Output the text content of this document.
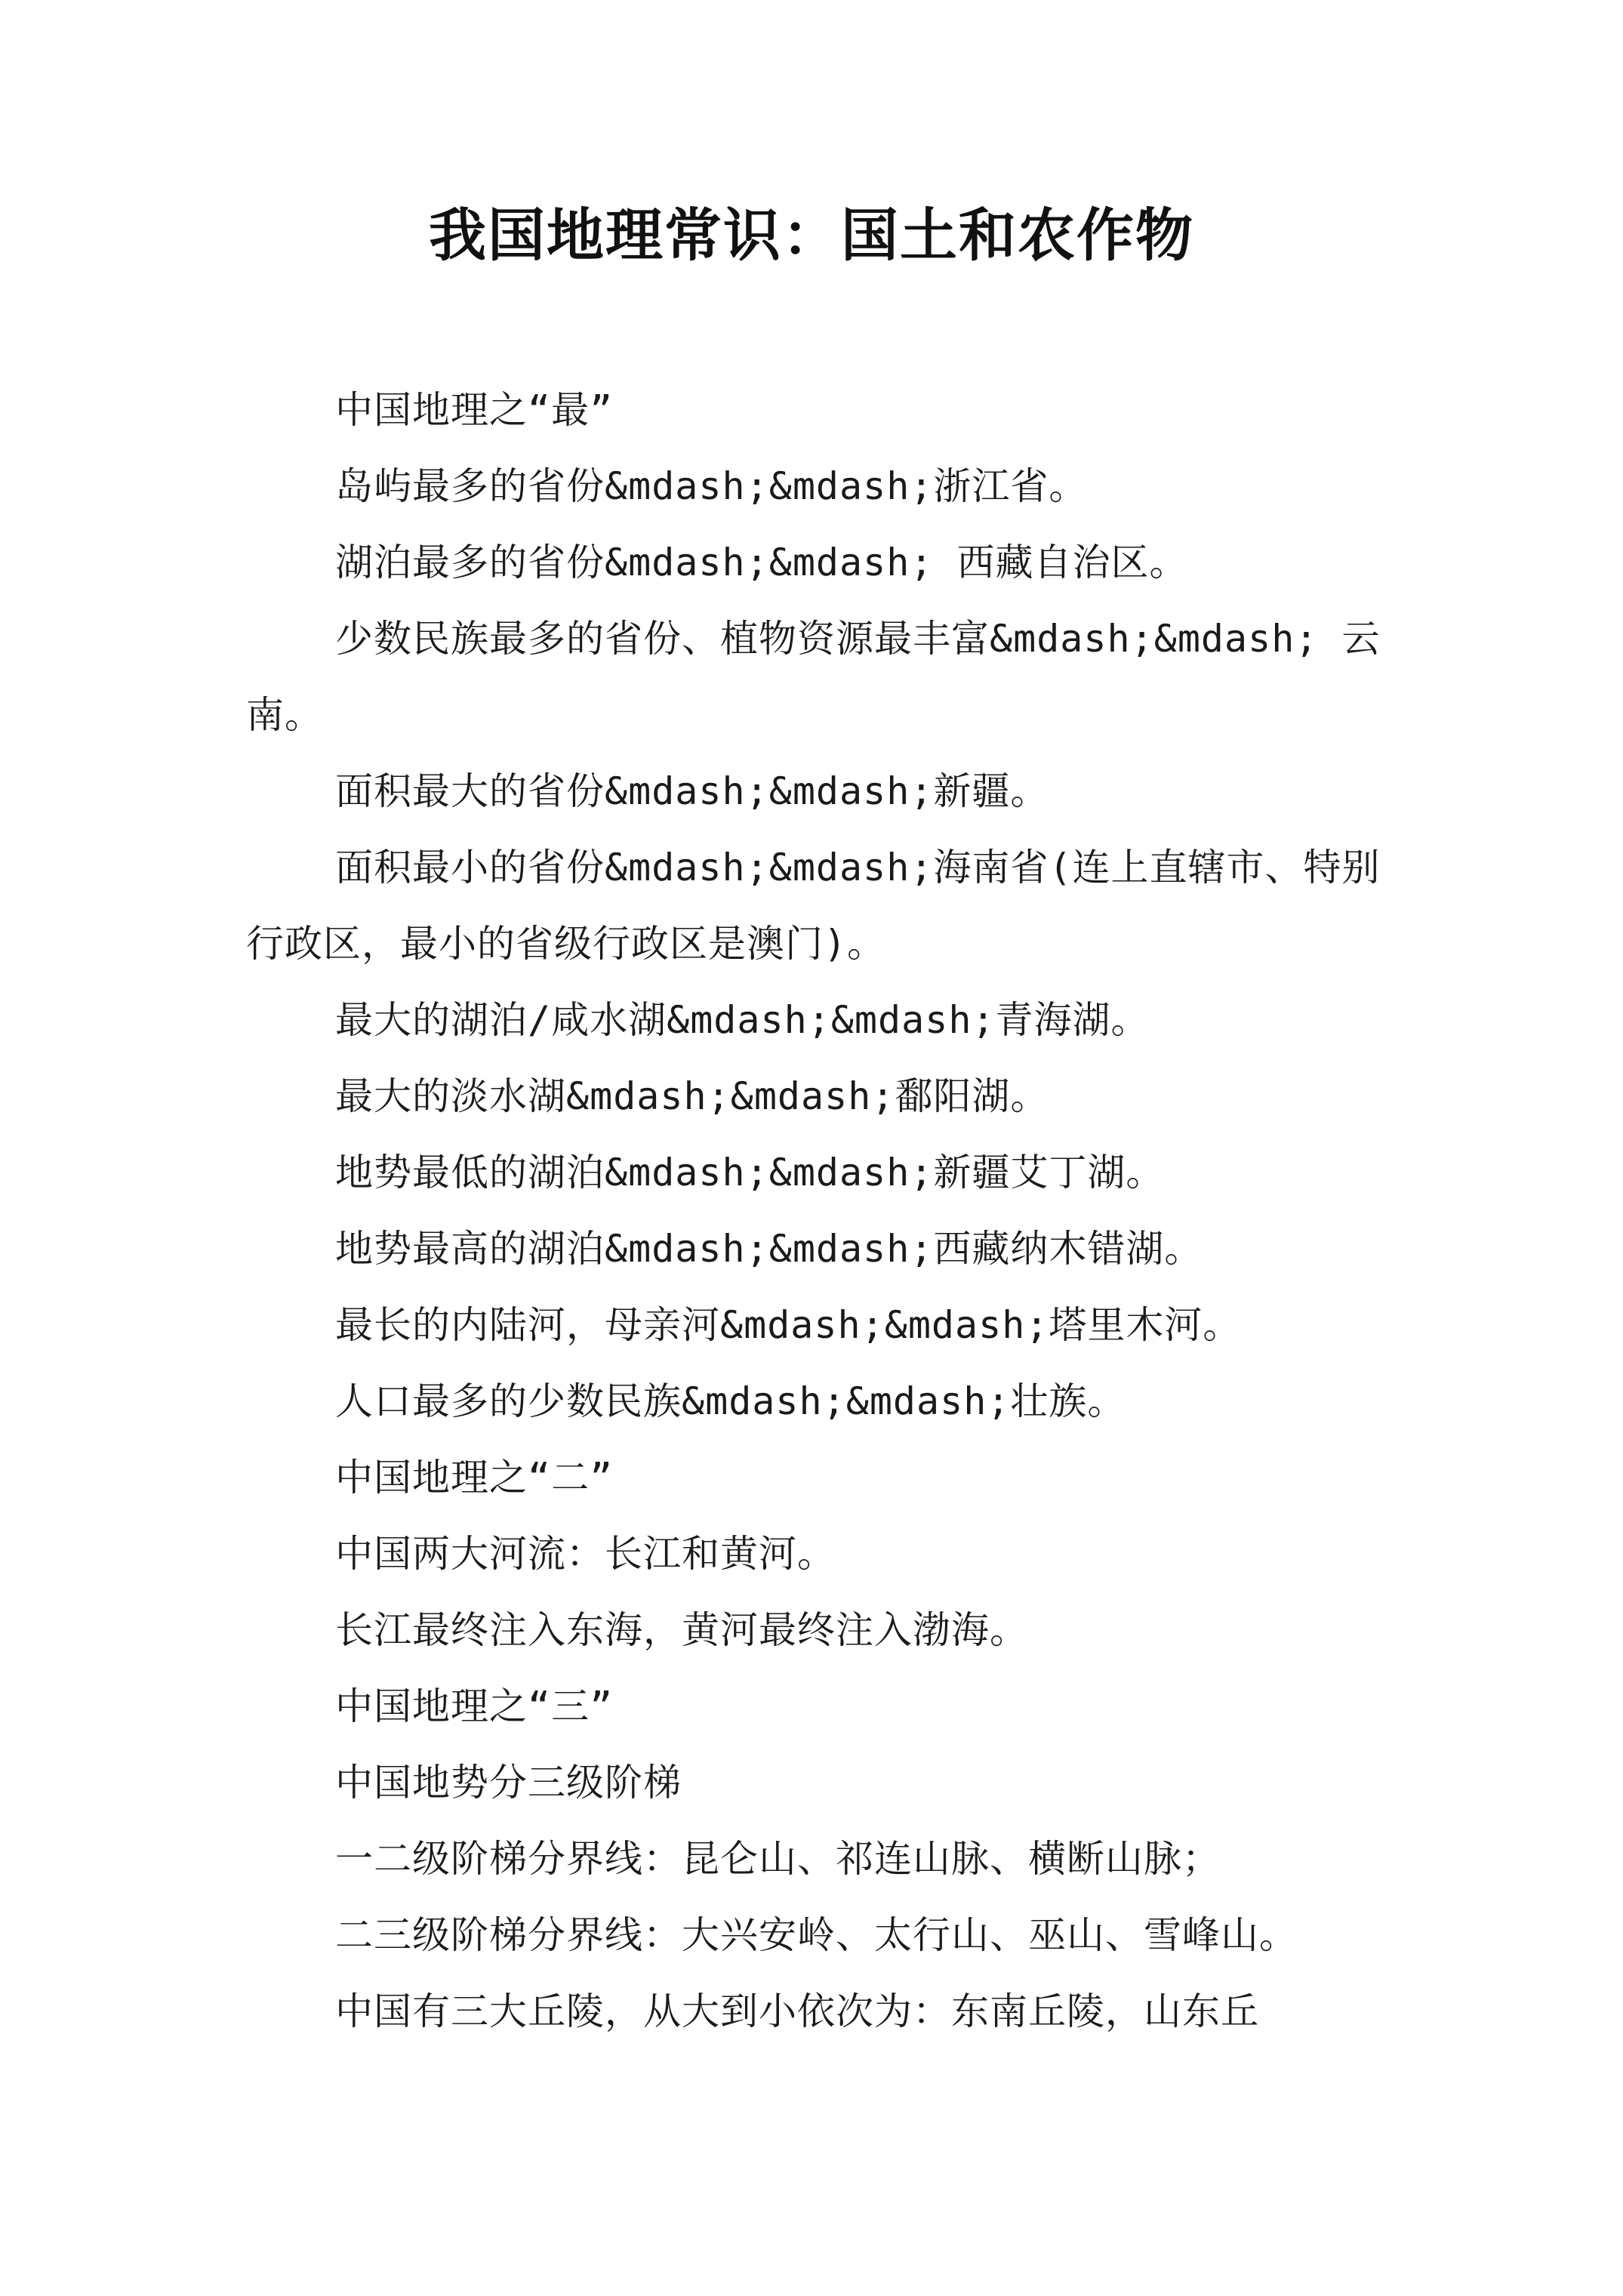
我国地理常识：国土和农作物

中国地理之“最”

岛屿最多的省份&mdash;&mdash;浙江省。

湖泊最多的省份&mdash;&mdash; 西藏自治区。

少数民族最多的省份、植物资源最丰富&mdash;&mdash; 云南。

面积最大的省份&mdash;&mdash;新疆。

面积最小的省份&mdash;&mdash;海南省(连上直辖市、特别行政区，最小的省级行政区是澳门)。

最大的湖泊/咸水湖&mdash;&mdash;青海湖。

最大的淡水湖&mdash;&mdash;鄱阳湖。

地势最低的湖泊&mdash;&mdash;新疆艾丁湖。

地势最高的湖泊&mdash;&mdash;西藏纳木错湖。

最长的内陆河，母亲河&mdash;&mdash;塔里木河。

人口最多的少数民族&mdash;&mdash;壮族。

中国地理之“二”

中国两大河流：长江和黄河。

长江最终注入东海，黄河最终注入渤海。

中国地理之“三”

中国地势分三级阶梯

一二级阶梯分界线：昆仑山、祁连山脉、横断山脉；

二三级阶梯分界线：大兴安岭、太行山、巫山、雪峰山。

中国有三大丘陵，从大到小依次为：东南丘陵，山东丘
